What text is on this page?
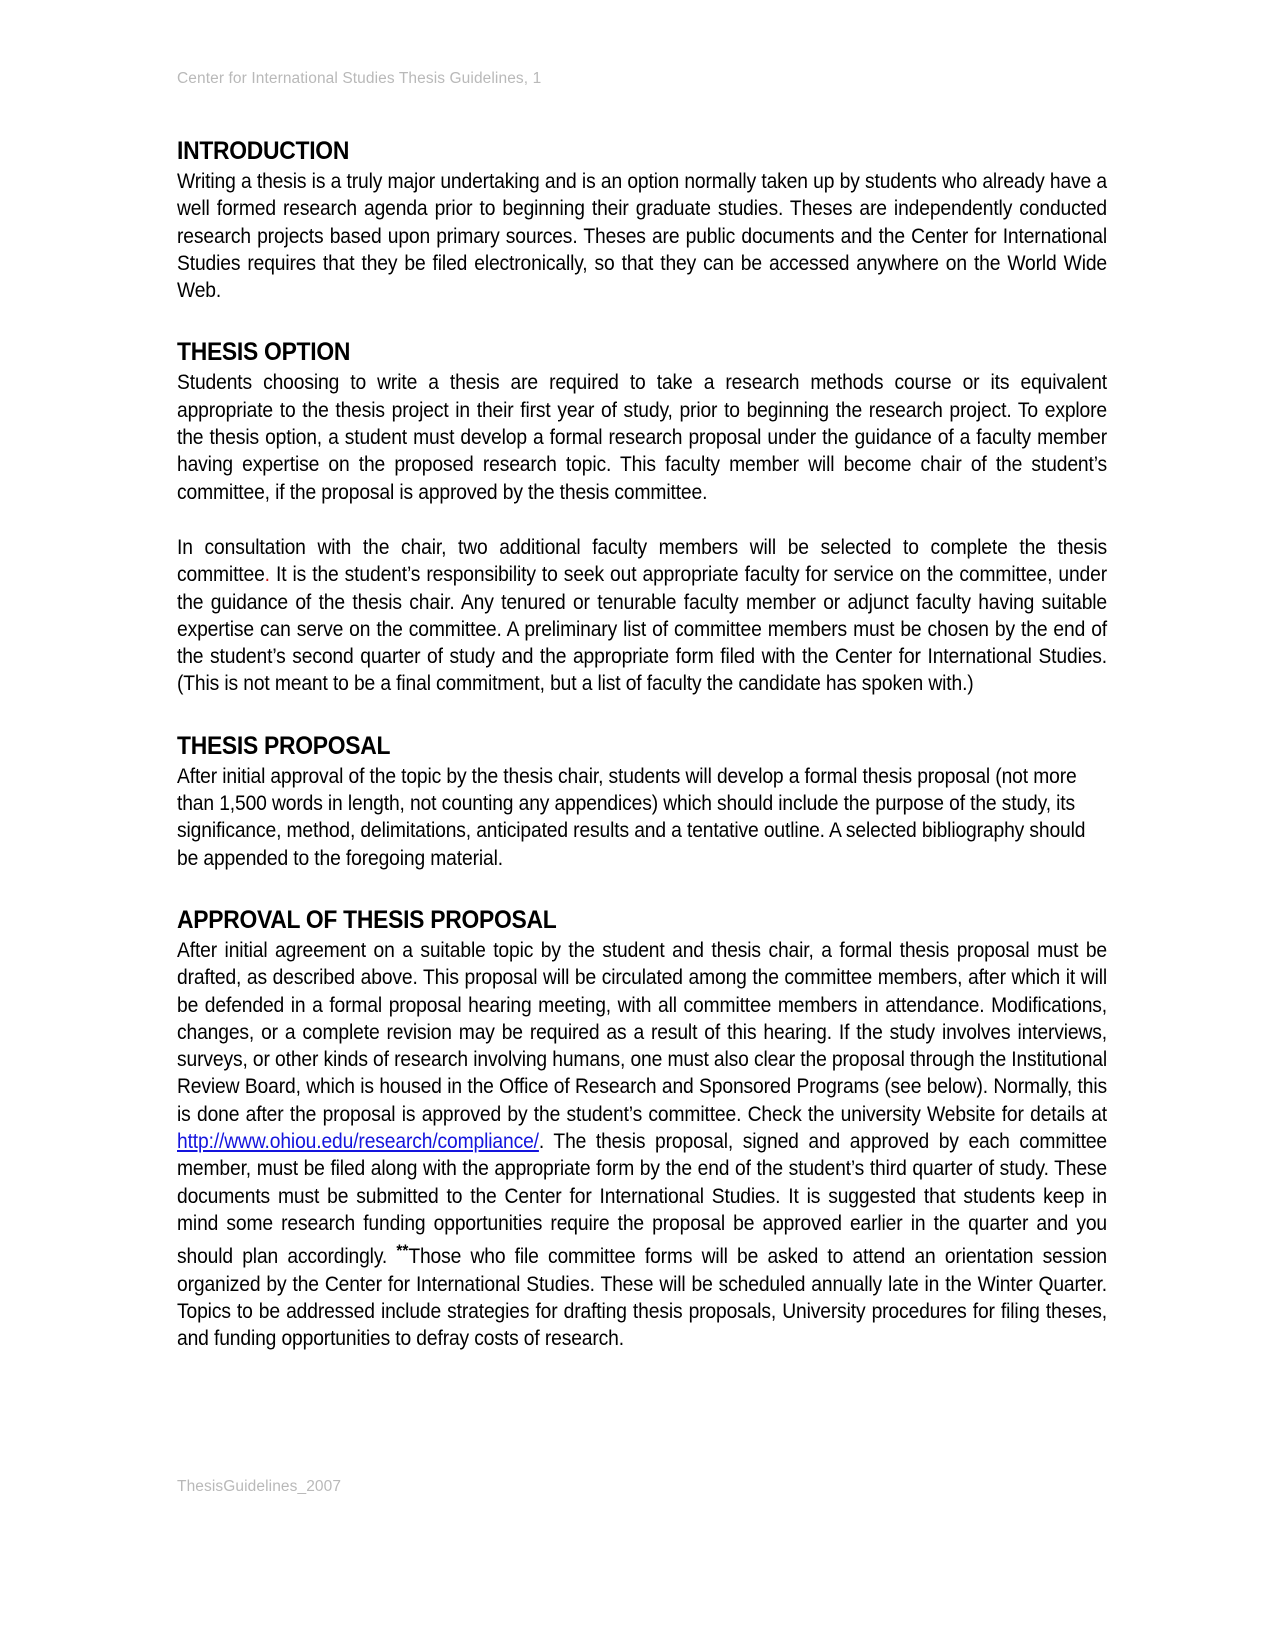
Center for International Studies Thesis Guidelines, 1
INTRODUCTION

Writing a thesis is a truly major undertaking and is an option normally taken up by students who already have a well formed research agenda prior to beginning their graduate studies. Theses are independently conducted research projects based upon primary sources. Theses are public documents and the Center for International Studies requires that they be filed electronically, so that they can be accessed anywhere on the World Wide Web.

THESIS OPTION

Students choosing to write a thesis are required to take a research methods course or its equivalent appropriate to the thesis project in their first year of study, prior to beginning the research project. To explore the thesis option, a student must develop a formal research proposal under the guidance of a faculty member having expertise on the proposed research topic. This faculty member will become chair of the student’s committee, if the proposal is approved by the thesis committee.

In consultation with the chair, two additional faculty members will be selected to complete the thesis committee. It is the student’s responsibility to seek out appropriate faculty for service on the committee, under the guidance of the thesis chair. Any tenured or tenurable faculty member or adjunct faculty having suitable expertise can serve on the committee. A preliminary list of committee members must be chosen by the end of the student’s second quarter of study and the appropriate form filed with the Center for International Studies. (This is not meant to be a final commitment, but a list of faculty the candidate has spoken with.)

THESIS PROPOSAL

After initial approval of the topic by the thesis chair, students will develop a formal thesis proposal (not more than 1,500 words in length, not counting any appendices) which should include the purpose of the study, its significance, method, delimitations, anticipated results and a tentative outline. A selected bibliography should be appended to the foregoing material.

APPROVAL OF THESIS PROPOSAL

After initial agreement on a suitable topic by the student and thesis chair, a formal thesis proposal must be drafted, as described above. This proposal will be circulated among the committee members, after which it will be defended in a formal proposal hearing meeting, with all committee members in attendance. Modifications, changes, or a complete revision may be required as a result of this hearing. If the study involves interviews, surveys, or other kinds of research involving humans, one must also clear the proposal through the Institutional Review Board, which is housed in the Office of Research and Sponsored Programs (see below). Normally, this is done after the proposal is approved by the student’s committee. Check the university Website for details at http://www.ohiou.edu/research/compliance/. The thesis proposal, signed and approved by each committee member, must be filed along with the appropriate form by the end of the student’s third quarter of study. These documents must be submitted to the Center for International Studies. It is suggested that students keep in mind some research funding opportunities require the proposal be approved earlier in the quarter and you should plan accordingly. **Those who file committee forms will be asked to attend an orientation session organized by the Center for International Studies. These will be scheduled annually late in the Winter Quarter. Topics to be addressed include strategies for drafting thesis proposals, University procedures for filing theses, and funding opportunities to defray costs of research.

ThesisGuidelines_2007
